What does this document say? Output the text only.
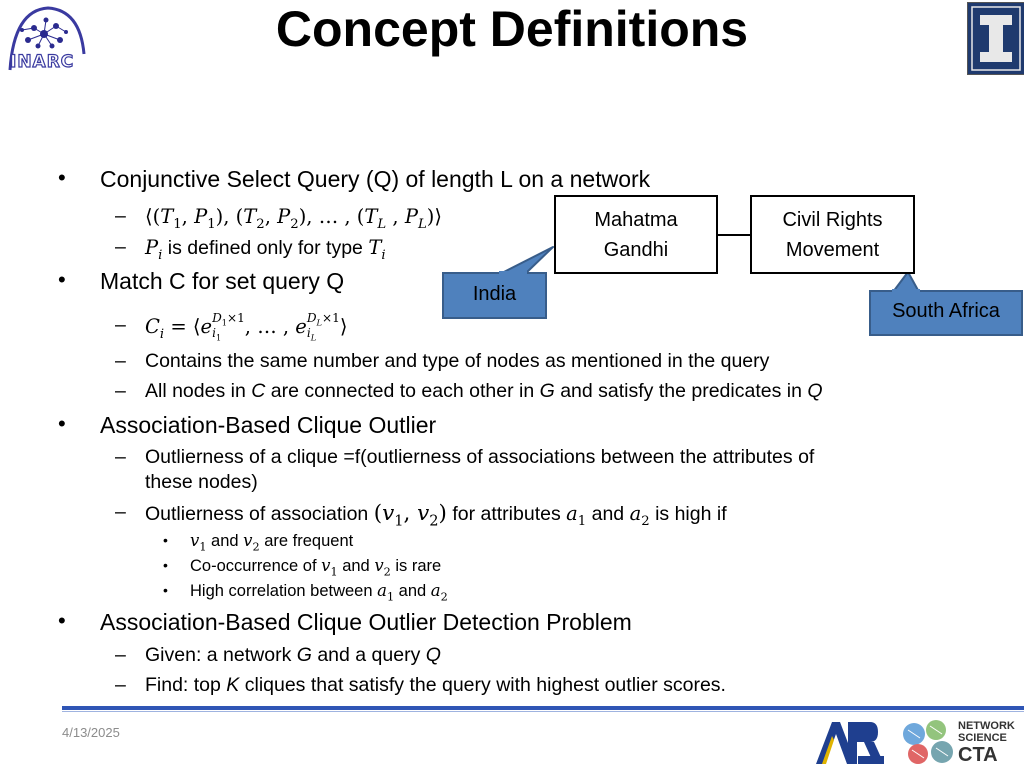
INARC
Concept Definitions
• Conjunctive Select Query (Q) of length L on a network
– $⟨(T_1$, $P_1$), ($T_2$, $P_2$), … , ($T_L$ , $P_L)⟩$
– $P_i$ is defined only for type $T_i$
• Match C for set query Q
– $C_i$ = $⟨eD_1\times 1$
$i_1$ , … , $eD_L\times 1$
$i_L$ ⟩
– Contains the same number and type of nodes as mentioned in the query
– All nodes in C are connected to each other in G and satisfy the predicates in Q
• Association-Based Clique Outlier
– Outlierness of a clique =f(outlierness of associations between the attributes of
these nodes)
– Outlierness of association ($v_1$, $v_2$) for attributes $a_1$ and $a_2$ is high if
• $v_1$ and $v_2$ are frequent
• Co-occurrence of $v_1$ and $v_2$ is rare
• High correlation between $a_1$ and $a_2$
• Association-Based Clique Outlier Detection Problem
– Given: a network G and a query Q
– Find: top K cliques that satisfy the query with highest outlier scores.
Mahatma
Gandhi
Civil Rights
Movement
India
South Africa
4/13/2025	NETWORK
SCIENCE
CTA
